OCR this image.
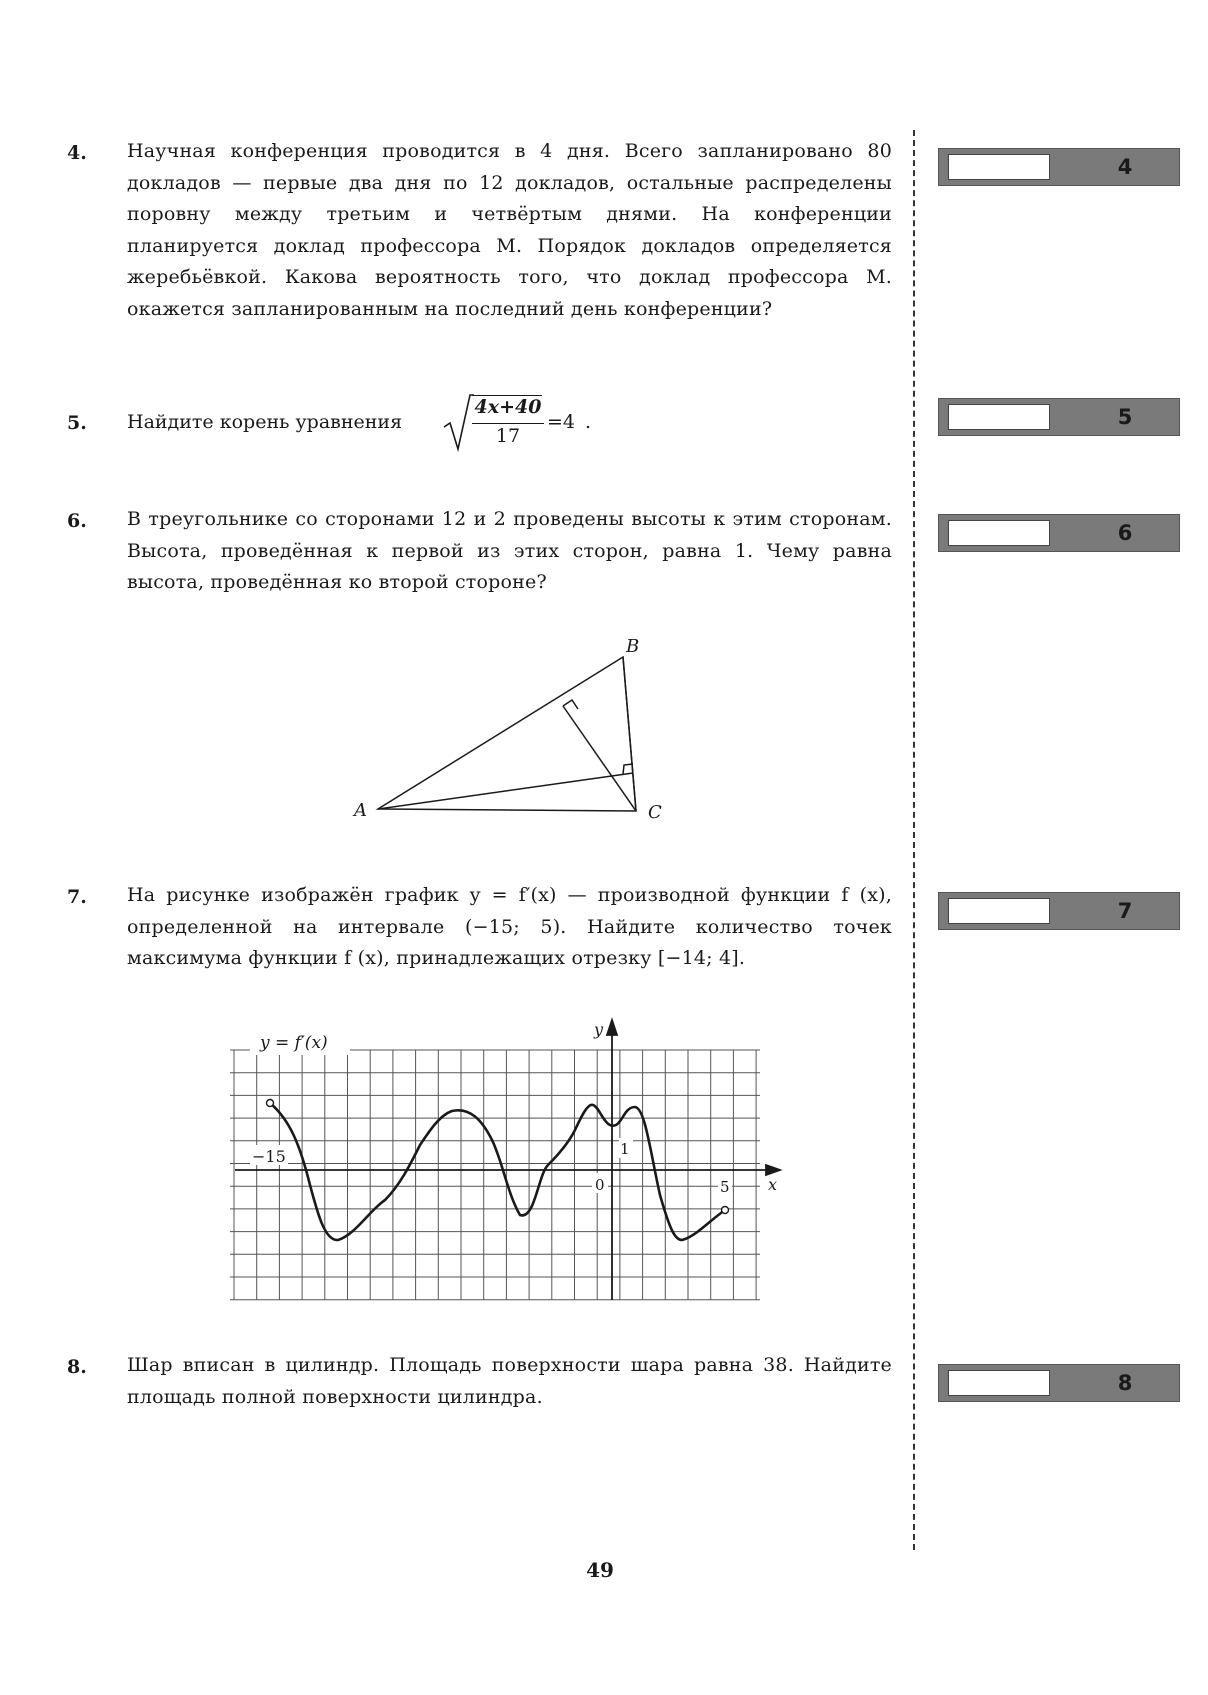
4. Научная конференция проводится в 4 дня. Всего запланировано 80 докладов — первые два дня по 12 докладов, остальные распределены поровну между третьим и четвёртым днями. На конференции планируется доклад профессора М. Порядок докладов определяется жеребьёвкой. Какова вероятность того, что доклад профессора М. окажется запланированным на последний день конференции?
4
5. Найдите корень уравнения
4x+40
17
=4 .	5
6. В треугольнике со сторонами 12 и 2 проведены высоты к этим сторонам. Высота, проведённая к первой из этих сторон, равна 1. Чему равна высота, проведённая ко второй стороне?
6
A
B
C
7. На рисунке изображён график y = f′(x) — производной функции f (x), определенной на интервале (−15; 5). Найдите количество точек максимума функции f (x), принадлежащих отрезку [−14; 4].
7
y = f′(x)
y
−15
0
1
5 x
8. Шар вписан в цилиндр. Площадь поверхности шара равна 38. Найдите площадь полной поверхности цилиндра.
8
49
